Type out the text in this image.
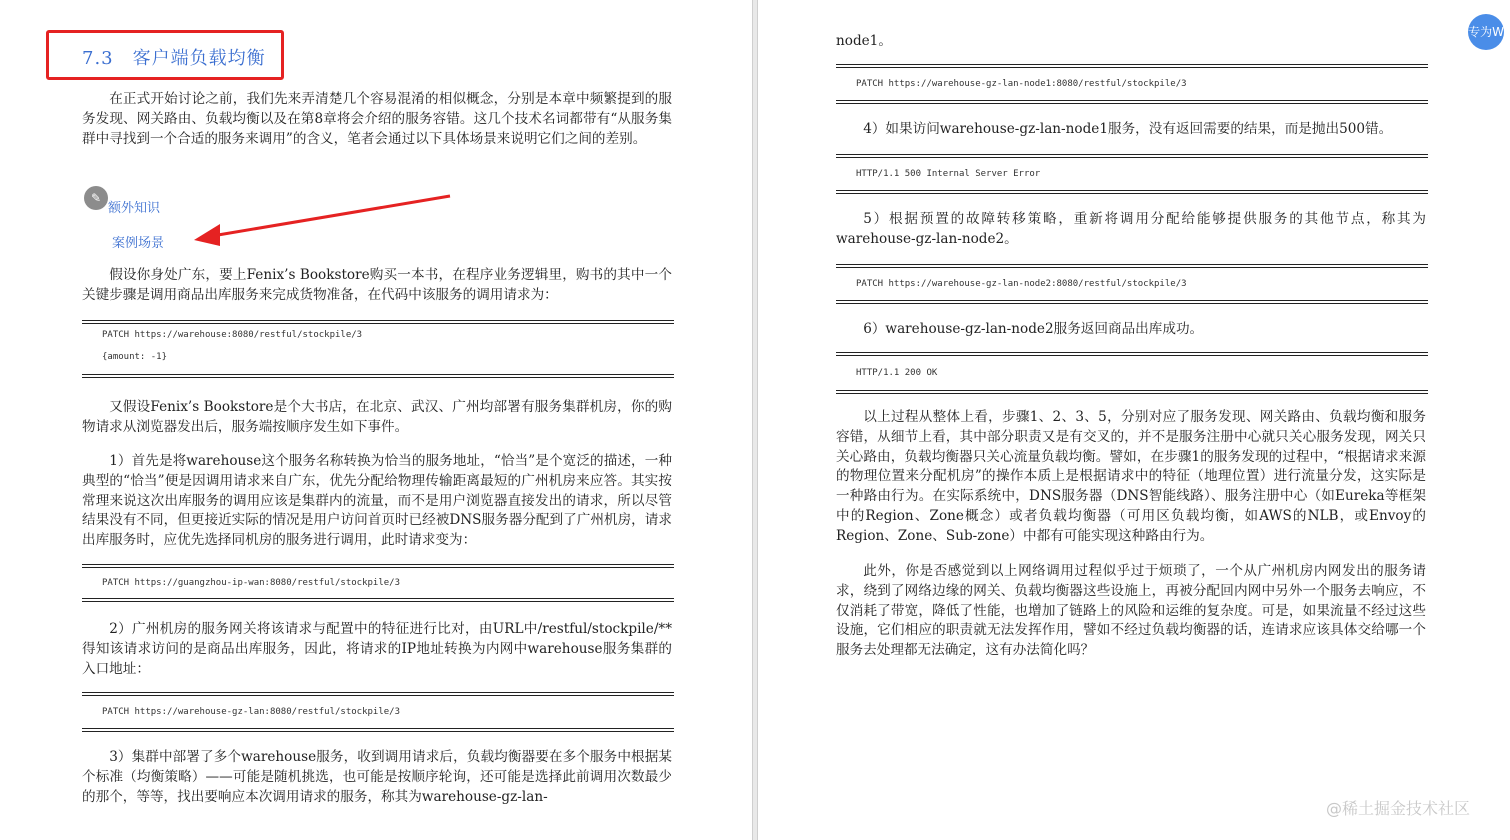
7.3　客户端负载均衡

在正式开始讨论之前，我们先来弄清楚几个容易混淆的相似概念，分别是本章中频繁提到的服务发现、网关路由、负载均衡以及在第8章将会介绍的服务容错。这几个技术名词都带有“从服务集群中寻找到一个合适的服务来调用”的含义，笔者会通过以下具体场景来说明它们之间的差别。

✎
额外知识
案例场景

假设你身处广东，要上Fenix’s Bookstore购买一本书，在程序业务逻辑里，购书的其中一个关键步骤是调用商品出库服务来完成货物准备，在代码中该服务的调用请求为：

PATCH https://warehouse:8080/restful/stockpile/3
{amount: -1}

又假设Fenix’s Bookstore是个大书店，在北京、武汉、广州均部署有服务集群机房，你的购物请求从浏览器发出后，服务端按顺序发生如下事件。

1）首先是将warehouse这个服务名称转换为恰当的服务地址，“恰当”是个宽泛的描述，一种典型的“恰当”便是因调用请求来自广东，优先分配给物理传输距离最短的广州机房来应答。其实按常理来说这次出库服务的调用应该是集群内的流量，而不是用户浏览器直接发出的请求，所以尽管结果没有不同，但更接近实际的情况是用户访问首页时已经被DNS服务器分配到了广州机房，请求出库服务时，应优先选择同机房的服务进行调用，此时请求变为：

PATCH https://guangzhou-ip-wan:8080/restful/stockpile/3

2）广州机房的服务网关将该请求与配置中的特征进行比对，由URL中/restful/stockpile/**得知该请求访问的是商品出库服务，因此，将请求的IP地址转换为内网中warehouse服务集群的入口地址：

PATCH https://warehouse-gz-lan:8080/restful/stockpile/3

3）集群中部署了多个warehouse服务，收到调用请求后，负载均衡器要在多个服务中根据某个标准（均衡策略）——可能是随机挑选，也可能是按顺序轮询，还可能是选择此前调用次数最少的那个，等等，找出要响应本次调用请求的服务，称其为warehouse-gz-lan-

node1。

PATCH https://warehouse-gz-lan-node1:8080/restful/stockpile/3

4）如果访问warehouse-gz-lan-node1服务，没有返回需要的结果，而是抛出500错。

HTTP/1.1 500 Internal Server Error

5）根据预置的故障转移策略，重新将调用分配给能够提供服务的其他节点，称其为warehouse-gz-lan-node2。

PATCH https://warehouse-gz-lan-node2:8080/restful/stockpile/3

6）warehouse-gz-lan-node2服务返回商品出库成功。

HTTP/1.1 200 OK

以上过程从整体上看，步骤1、2、3、5，分别对应了服务发现、网关路由、负载均衡和服务容错，从细节上看，其中部分职责又是有交叉的，并不是服务注册中心就只关心服务发现，网关只关心路由，负载均衡器只关心流量负载均衡。譬如，在步骤1的服务发现的过程中，“根据请求来源的物理位置来分配机房”的操作本质上是根据请求中的特征（地理位置）进行流量分发，这实际是一种路由行为。在实际系统中，DNS服务器（DNS智能线路）、服务注册中心（如Eureka等框架中的Region、Zone概念）或者负载均衡器（可用区负载均衡，如AWS的NLB，或Envoy的Region、Zone、Sub-zone）中都有可能实现这种路由行为。

此外，你是否感觉到以上网络调用过程似乎过于烦琐了，一个从广州机房内网发出的服务请求，绕到了网络边缘的网关、负载均衡器这些设施上，再被分配回内网中另外一个服务去响应，不仅消耗了带宽，降低了性能，也增加了链路上的风险和运维的复杂度。可是，如果流量不经过这些设施，它们相应的职责就无法发挥作用，譬如不经过负载均衡器的话，连请求应该具体交给哪一个服务去处理都无法确定，这有办法简化吗？

专为W
@稀土掘金技术社区
